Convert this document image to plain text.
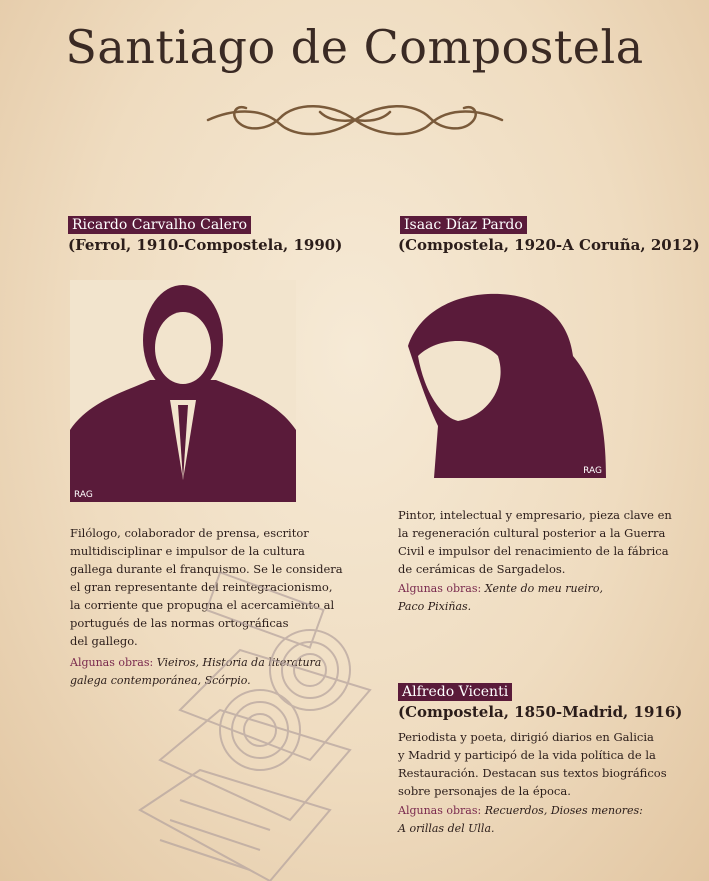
Santiago de Compostela
Ricardo Carvalho Calero
(Ferrol, 1910-Compostela, 1990)
RAG
Filólogo, colaborador de prensa, escritor
multidisciplinar e impulsor de la cultura
gallega durante el franquismo. Se le considera
el gran representante del reintegracionismo,
la corriente que propugna el acercamiento al
portugués de las normas ortográficas
del gallego.
Algunas obras: Vieiros, Historia da literatura
galega contemporánea, Scórpio.
Isaac Díaz Pardo
(Compostela, 1920-A Coruña, 2012)
RAG
Pintor, intelectual y empresario, pieza clave en
la regeneración cultural posterior a la Guerra
Civil e impulsor del renacimiento de la fábrica
de cerámicas de Sargadelos.
Algunas obras: Xente do meu rueiro,
Paco Pixiñas.
Alfredo Vicenti
(Compostela, 1850-Madrid, 1916)
Periodista y poeta, dirigió diarios en Galicia
y Madrid y participó de la vida política de la
Restauración. Destacan sus textos biográficos
sobre personajes de la época.
Algunas obras: Recuerdos, Dioses menores:
A orillas del Ulla.
